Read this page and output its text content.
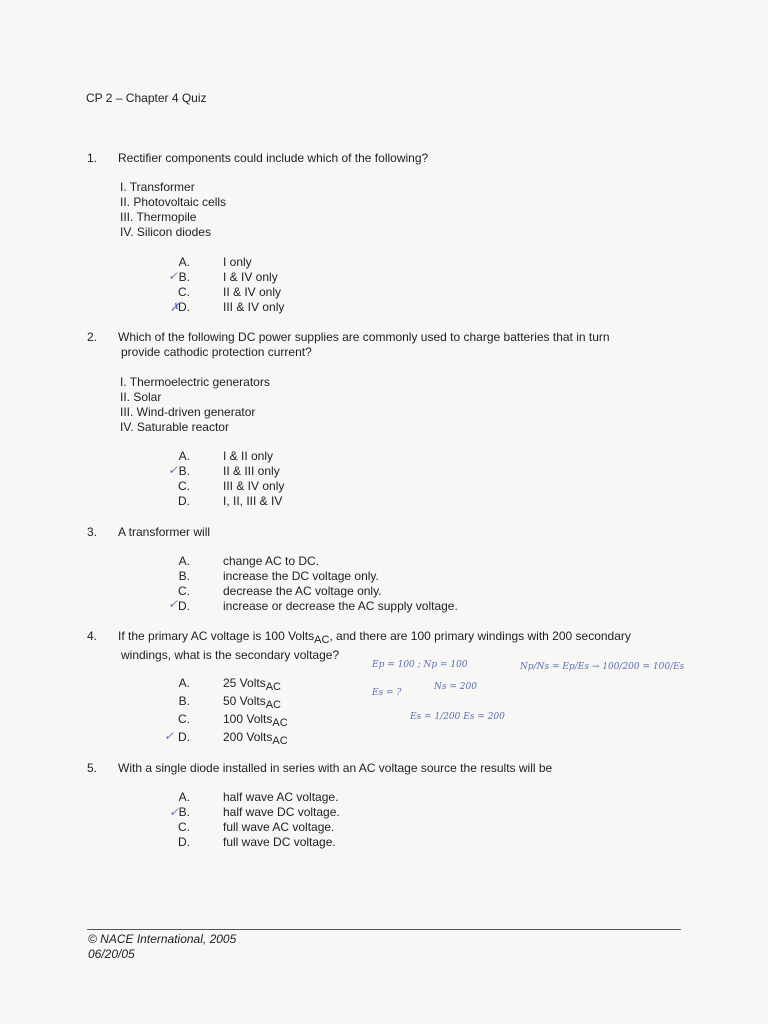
CP 2 – Chapter 4 Quiz
1. Rectifier components could include which of the following?
I. Transformer
II. Photovoltaic cells
III. Thermopile
IV. Silicon diodes
A.	I only
B.	I & IV only
C.	II & IV only
D.	III & IV only
✓
✗
2. Which of the following DC power supplies are commonly used to charge batteries that in turn
provide cathodic protection current?
I. Thermoelectric generators
II. Solar
III. Wind-driven generator
IV. Saturable reactor
A.	I & II only
B.	II & III only
C.	III & IV only
D.	I, II, III & IV
✓
3. A transformer will
A.	change AC to DC.
B.	increase the DC voltage only.
C.	decrease the AC voltage only.
D.	increase or decrease the AC supply voltage.
✓
4. If the primary AC voltage is 100 Volts$_{AC}$, and there are 100 primary windings with 200 secondary
windings, what is the secondary voltage?
A.	25 Volts$_{AC}$
B.	50 Volts$_{AC}$
C.	100 Volts$_{AC}$
D.	200 Volts$_{AC}$
✓
Ep = 100 ; Np = 100	Np/Ns = Ep/Es → 100/200 = 100/Es
Es = ?
Ns = 200
Es = 1/200 Es = 200
5. With a single diode installed in series with an AC voltage source the results will be
A.	half wave AC voltage.
B.	half wave DC voltage.
C.	full wave AC voltage.
D.	full wave DC voltage.
✓
© NACE International, 2005
06/20/05
